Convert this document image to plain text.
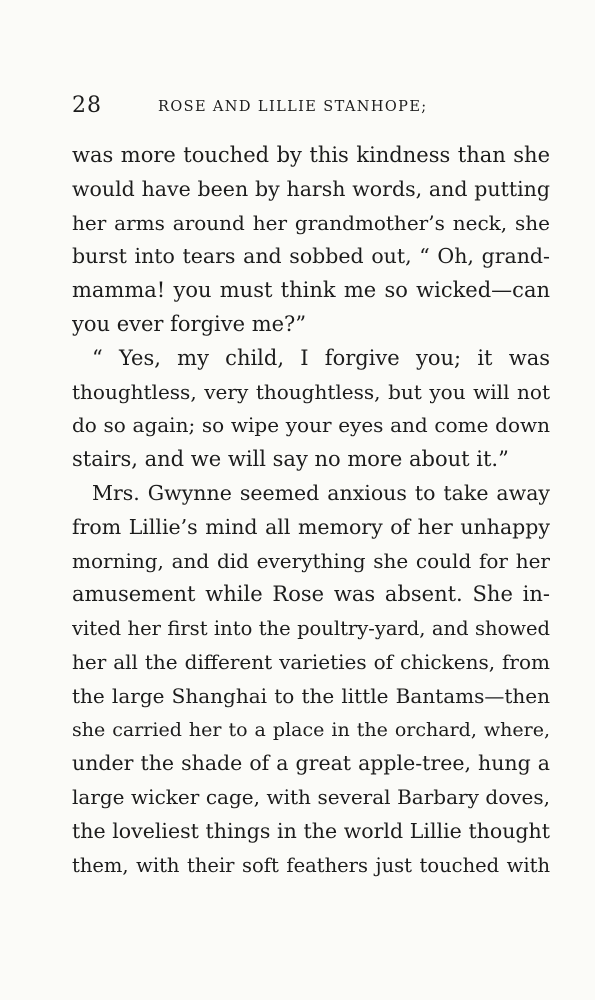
28	ROSE AND LILLIE STANHOPE;
was more touched by this kindness than she
would have been by harsh words, and putting
her arms around her grandmother’s neck, she
burst into tears and sobbed out, “ Oh, grand-
mamma! you must think me so wicked—can
you ever forgive me?”
“ Yes, my child, I forgive you; it was
thoughtless, very thoughtless, but you will not
do so again; so wipe your eyes and come down
stairs, and we will say no more about it.”
Mrs. Gwynne seemed anxious to take away
from Lillie’s mind all memory of her unhappy
morning, and did everything she could for her
amusement while Rose was absent. She in-
vited her first into the poultry-yard, and showed
her all the different varieties of chickens, from
the large Shanghai to the little Bantams—then
she carried her to a place in the orchard, where,
under the shade of a great apple-tree, hung a
large wicker cage, with several Barbary doves,
the loveliest things in the world Lillie thought
them, with their soft feathers just touched with
